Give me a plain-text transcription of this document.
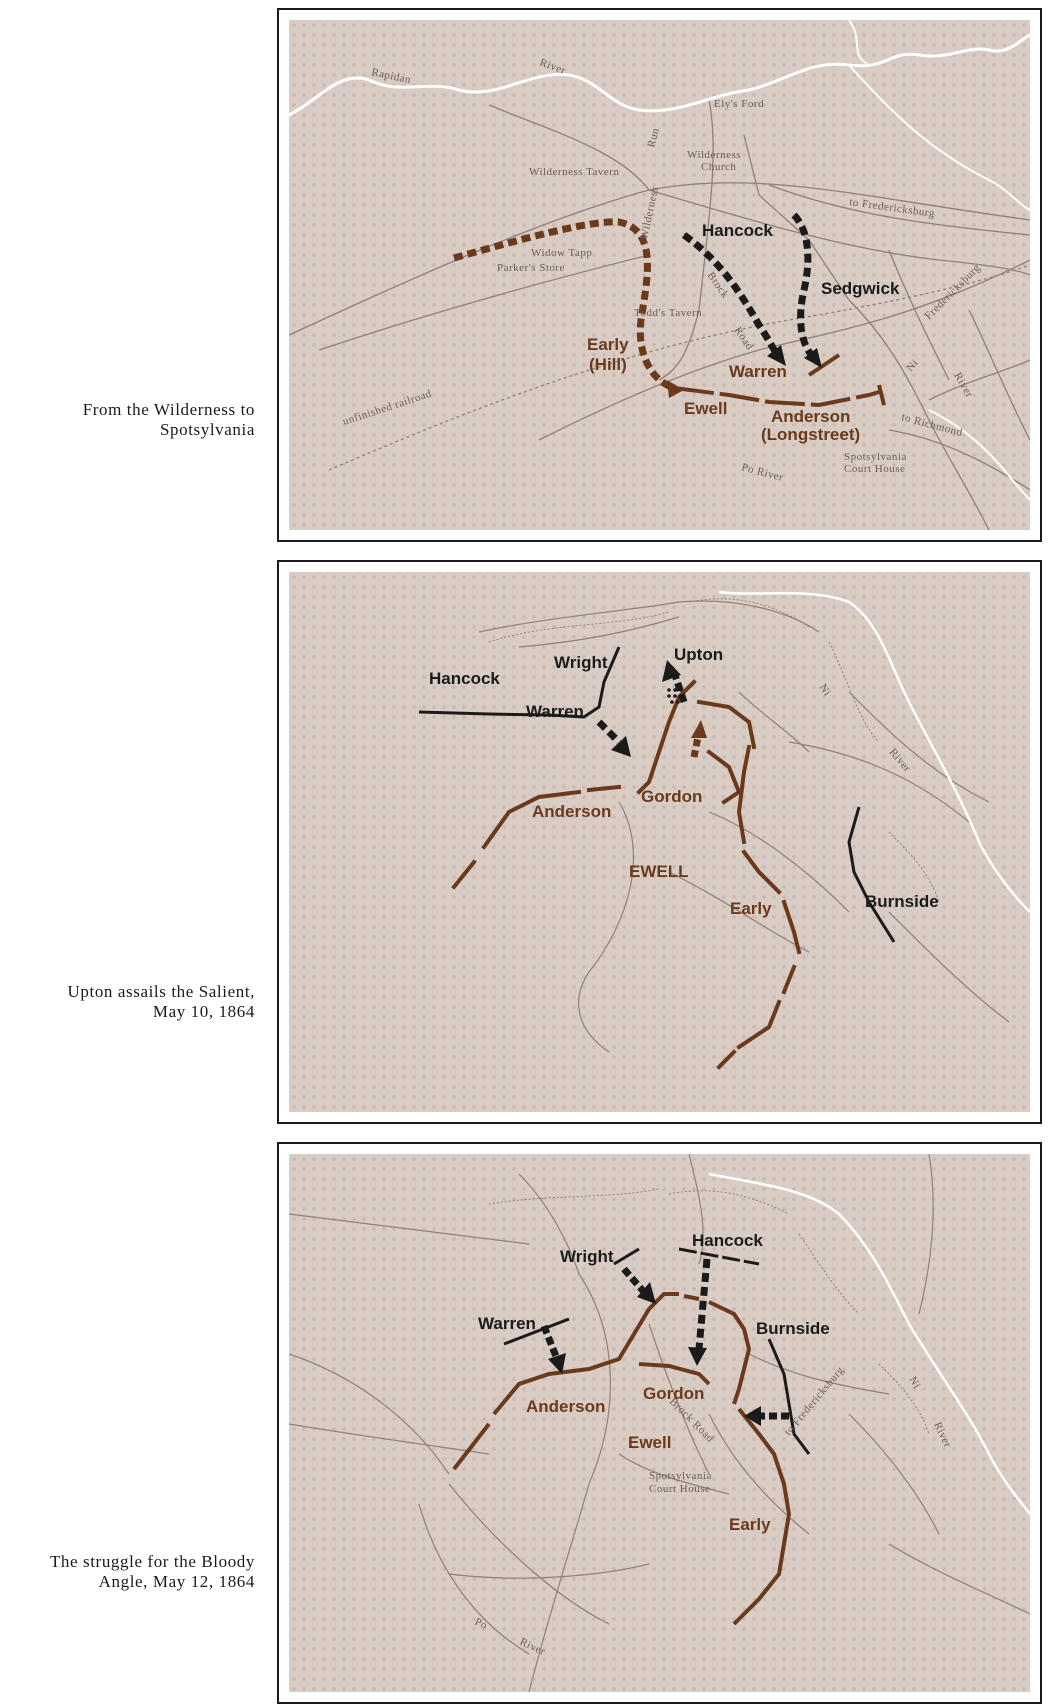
From the Wilderness to
Spotsylvania
Rapidan	River
Ely's Ford
Run
Wilderness
Church
Wilderness Tavern
to Fredericksburg
Widow Tapp
Parker's Store
Todd's Tavern
Brock
Road
Wilderness
Fredericksburg
Ni
River
unfinished railroad	to Richmond
Spotsylvania
Court House
Po River
Hancock
Sedgwick
Early
(Hill)	Warren
Ewell	Anderson
(Longstreet)
Upton assails the Salient,
May 10, 1864
Ni
River
Hancock
Wright	Upton
Warren
Burnside
Anderson
Gordon
EWELL
Early
The struggle for the Bloody
Angle, May 12, 1864
Brock Road	to Fredericksburg	Ni
River
Spotsylvania
Court House
Po
River
Hancock
Wright
Warren	Burnside
Anderson
Gordon
Ewell
Early
